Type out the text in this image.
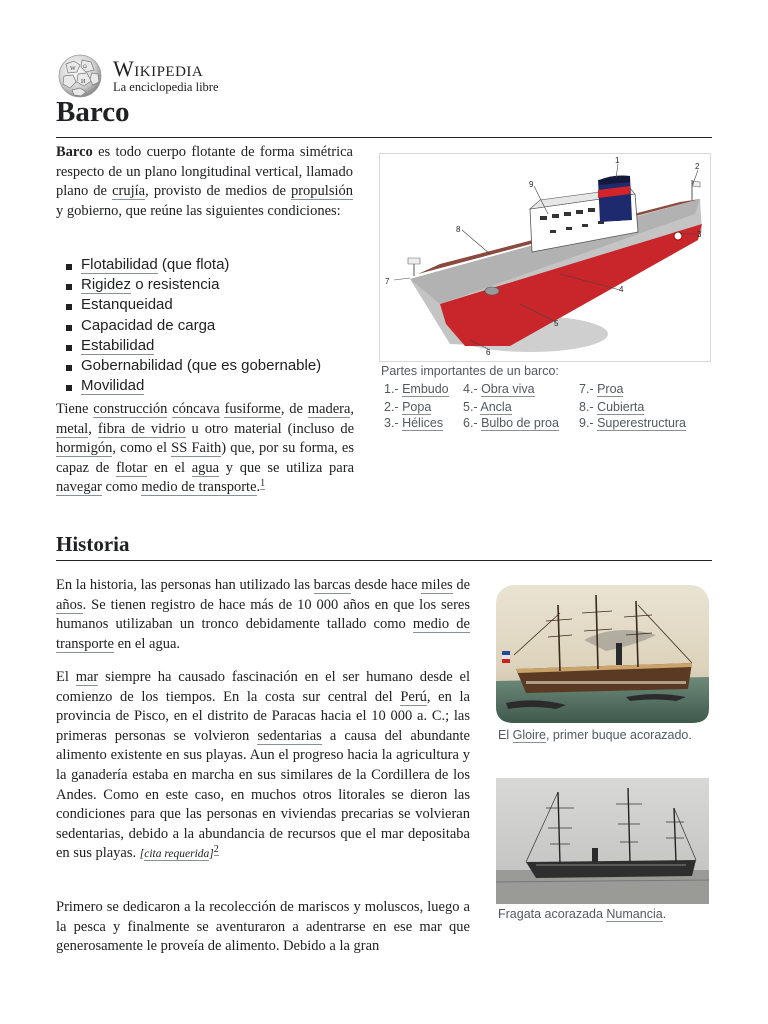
W Ω
И
Wikipedia
La enciclopedia libre
Barco

Barco es todo cuerpo flotante de forma simétrica respecto de un plano longitudinal vertical, llamado plano de crujía, provisto de medios de propulsión y gobierno, que reúne las siguientes condiciones:

Flotabilidad (que flota)
Rigidez o resistencia
Estanqueidad
Capacidad de carga
Estabilidad
Gobernabilidad (que es gobernable)
Movilidad

Tiene construcción cóncava fusiforme, de madera, metal, fibra de vidrio u otro material (incluso de hormigón, como el SS Faith) que, por su forma, es capaz de flotar en el agua y que se utiliza para navegar como medio de transporte.$^1$

1
2
3
4
5
6
7
8
9
Partes importantes de un barco:
1.- Embudo
2.- Popa
3.- Hélices
4.- Obra viva
5.- Ancla
6.- Bulbo de proa
7.- Proa
8.- Cubierta
9.- Superestructura
Historia

En la historia, las personas han utilizado las barcas desde hace miles de años. Se tienen registro de hace más de 10 000 años en que los seres humanos utilizaban un tronco debidamente tallado como medio de transporte en el agua.

El mar siempre ha causado fascinación en el ser humano desde el comienzo de los tiempos. En la costa sur central del Perú, en la provincia de Pisco, en el distrito de Paracas hacia el 10 000 a. C.; las primeras personas se volvieron sedentarias a causa del abundante alimento existente en sus playas. Aun el progreso hacia la agricultura y la ganadería estaba en marcha en sus similares de la Cordillera de los Andes. Como en este caso, en muchos otros litorales se dieron las condiciones para que las personas en viviendas precarias se volvieran sedentarias, debido a la abundancia de recursos que el mar depositaba en sus playas. [cita requerida]$^2$

Primero se dedicaron a la recolección de mariscos y moluscos, luego a la pesca y finalmente se aventuraron a adentrarse en ese mar que generosamente le proveía de alimento. Debido a la gran

El Gloire, primer buque acorazado.
Fragata acorazada Numancia.
